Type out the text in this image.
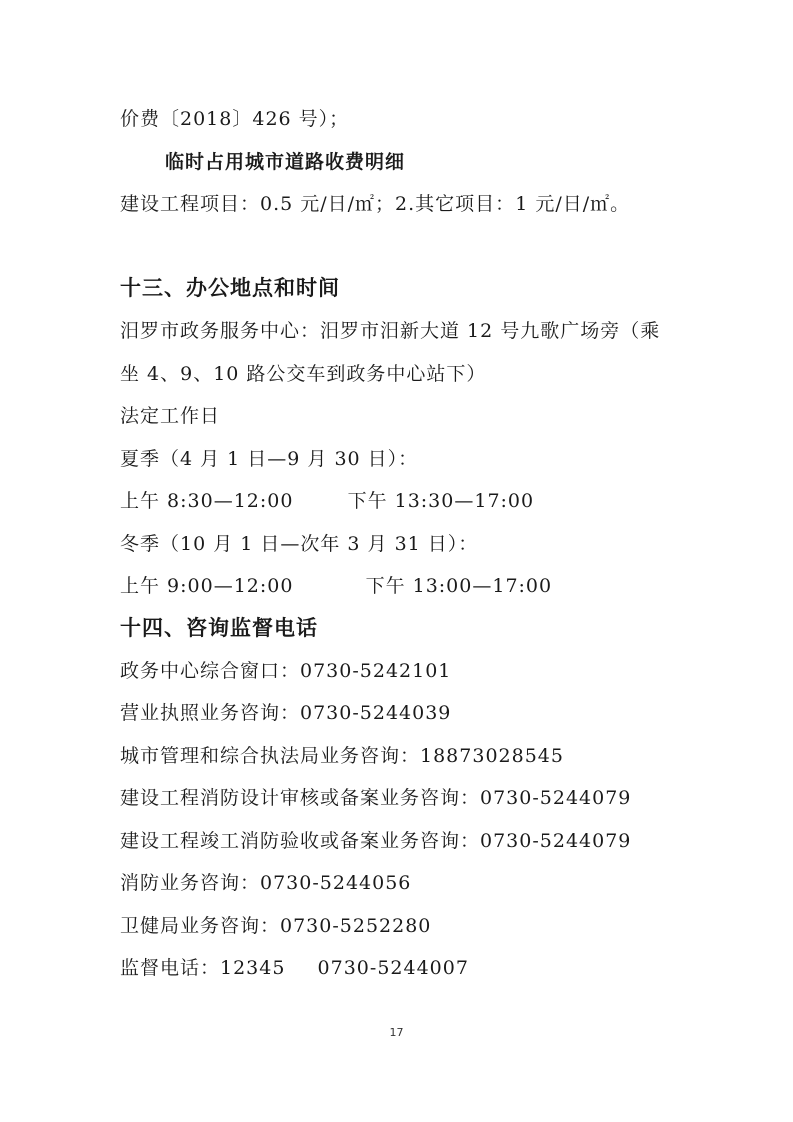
价费〔2018〕426 号）；
临时占用城市道路收费明细
建设工程项目：0.5 元/日/㎡；2.其它项目：1 元/日/㎡。
十三、办公地点和时间
汨罗市政务服务中心：汨罗市汨新大道 12 号九歌广场旁（乘
坐 4、9、10 路公交车到政务中心站下）
法定工作日
夏季（4 月 1 日—9 月 30 日）：
上午 8:30—12:00	下午 13:30—17:00
冬季（10 月 1 日—次年 3 月 31 日）：
上午 9:00—12:00	下午 13:00—17:00
十四、咨询监督电话
政务中心综合窗口：0730-5242101
营业执照业务咨询：0730-5244039
城市管理和综合执法局业务咨询：18873028545
建设工程消防设计审核或备案业务咨询：0730-5244079
建设工程竣工消防验收或备案业务咨询：0730-5244079
消防业务咨询：0730-5244056
卫健局业务咨询：0730-5252280
监督电话：12345 0730-5244007
17
